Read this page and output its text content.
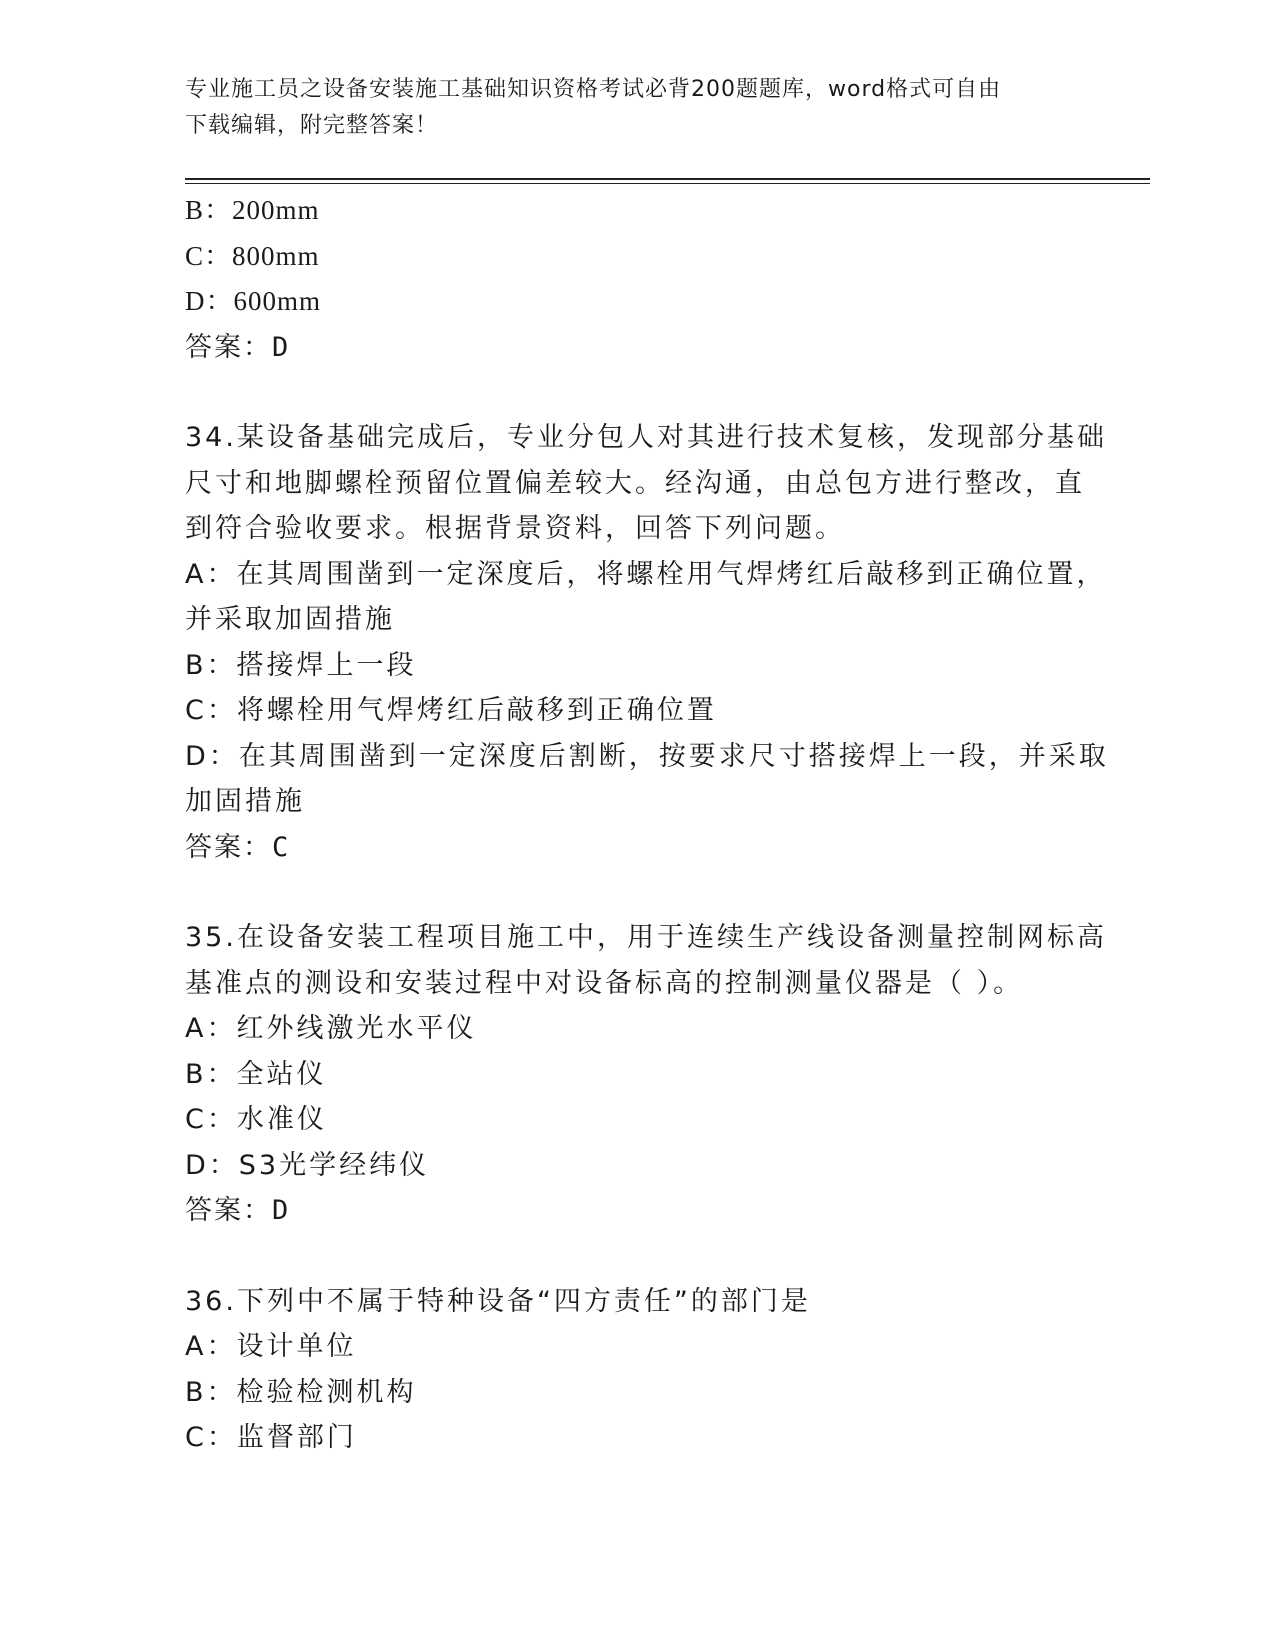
专业施工员之设备安装施工基础知识资格考试必背200题题库，word格式可自由
下载编辑，附完整答案！
B：200mm
C：800mm
D：600mm
答案：D
34.某设备基础完成后，专业分包人对其进行技术复核，发现部分基础
尺寸和地脚螺栓预留位置偏差较大。经沟通，由总包方进行整改，直
到符合验收要求。根据背景资料，回答下列问题。
A：在其周围凿到一定深度后，将螺栓用气焊烤红后敲移到正确位置，
并采取加固措施
B：搭接焊上一段
C：将螺栓用气焊烤红后敲移到正确位置
D：在其周围凿到一定深度后割断，按要求尺寸搭接焊上一段，并采取
加固措施
答案：C
35.在设备安装工程项目施工中，用于连续生产线设备测量控制网标高
基准点的测设和安装过程中对设备标高的控制测量仪器是（ ）。
A：红外线激光水平仪
B：全站仪
C：水准仪
D：S3光学经纬仪
答案：D
36.下列中不属于特种设备“四方责任”的部门是
A：设计单位
B：检验检测机构
C：监督部门
